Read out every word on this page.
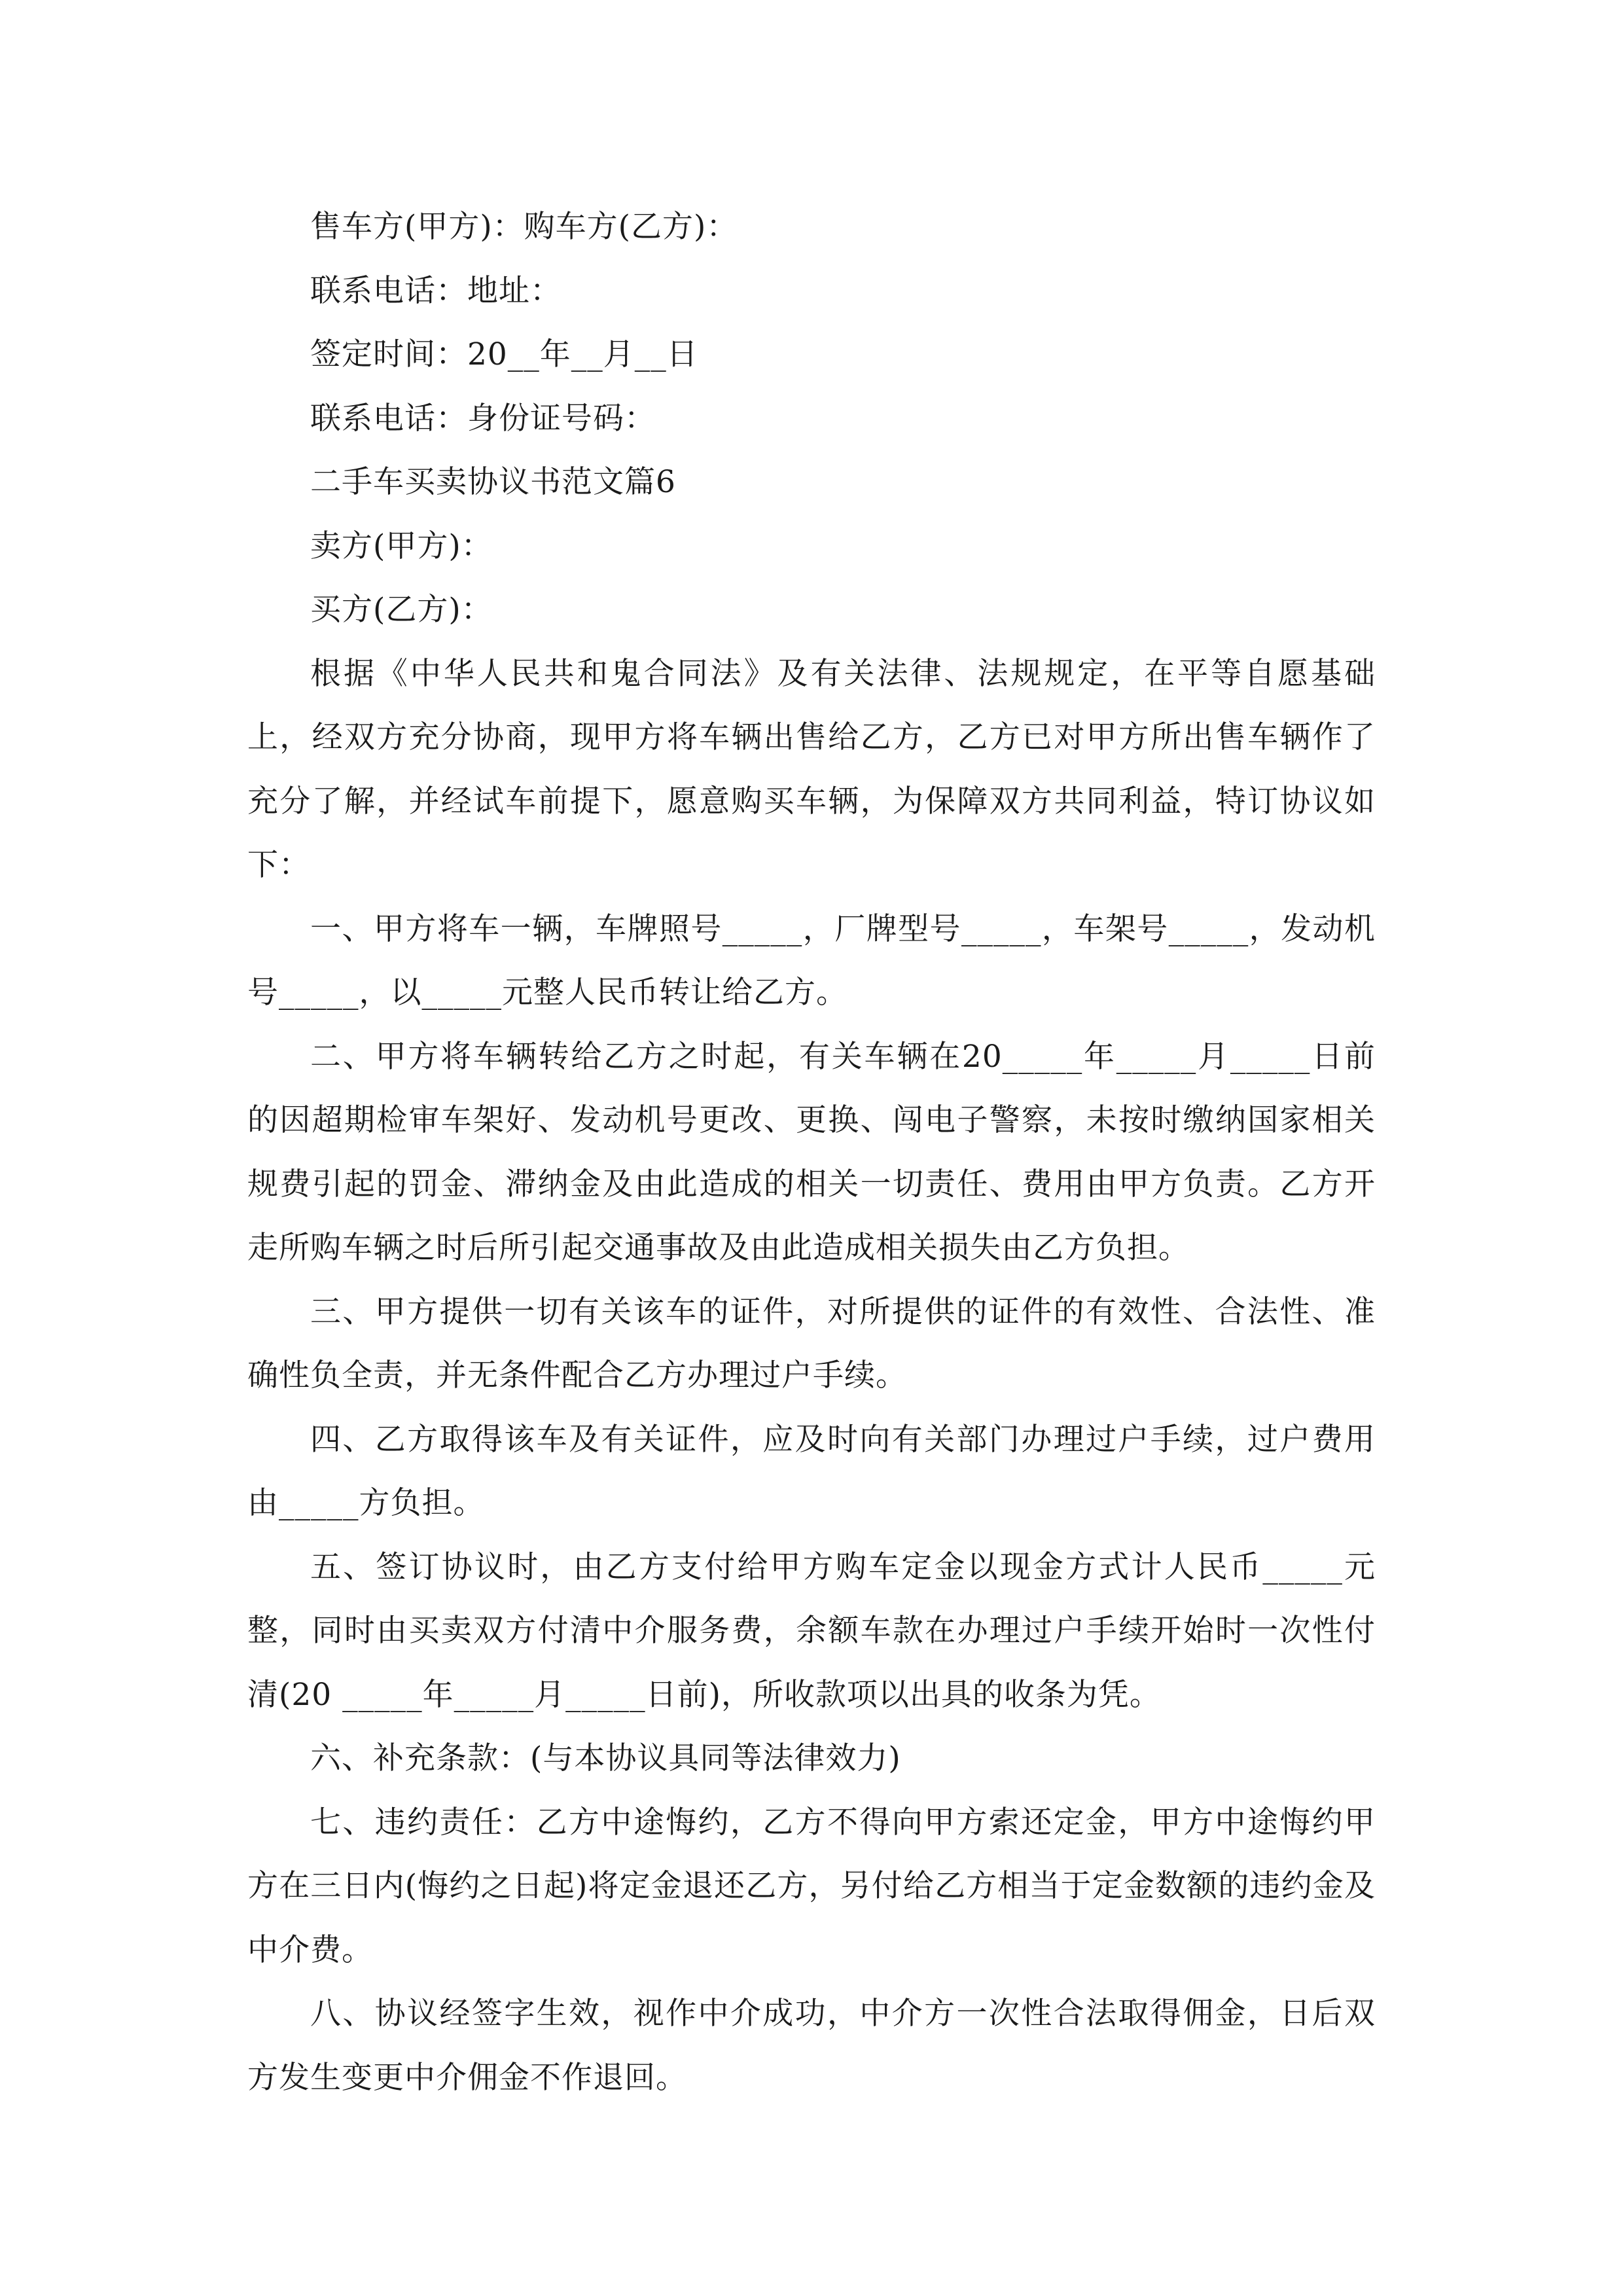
售车方(甲方)：购车方(乙方)：
联系电话：地址：
签定时间：20__年__月__日
联系电话：身份证号码：
二手车买卖协议书范文篇6
卖方(甲方)：
买方(乙方)：
根据《中华人民共和鬼合同法》及有关法律、法规规定，在平等自愿基础上，经双方充分协商，现甲方将车辆出售给乙方，乙方已对甲方所出售车辆作了充分了解，并经试车前提下，愿意购买车辆，为保障双方共同利益，特订协议如下：
一、甲方将车一辆，车牌照号_____，厂牌型号_____，车架号_____，发动机号_____，以_____元整人民币转让给乙方。
二、甲方将车辆转给乙方之时起，有关车辆在20_____年_____月_____日前的因超期检审车架好、发动机号更改、更换、闯电子警察，未按时缴纳国家相关规费引起的罚金、滞纳金及由此造成的相关一切责任、费用由甲方负责。乙方开走所购车辆之时后所引起交通事故及由此造成相关损失由乙方负担。
三、甲方提供一切有关该车的证件，对所提供的证件的有效性、合法性、准确性负全责，并无条件配合乙方办理过户手续。
四、乙方取得该车及有关证件，应及时向有关部门办理过户手续，过户费用由_____方负担。
五、签订协议时，由乙方支付给甲方购车定金以现金方式计人民币_____元整，同时由买卖双方付清中介服务费，余额车款在办理过户手续开始时一次性付清(20 _____年_____月_____日前)，所收款项以出具的收条为凭。
六、补充条款：(与本协议具同等法律效力)
七、违约责任：乙方中途悔约，乙方不得向甲方索还定金，甲方中途悔约甲方在三日内(悔约之日起)将定金退还乙方，另付给乙方相当于定金数额的违约金及中介费。
八、协议经签字生效，视作中介成功，中介方一次性合法取得佣金，日后双方发生变更中介佣金不作退回。
